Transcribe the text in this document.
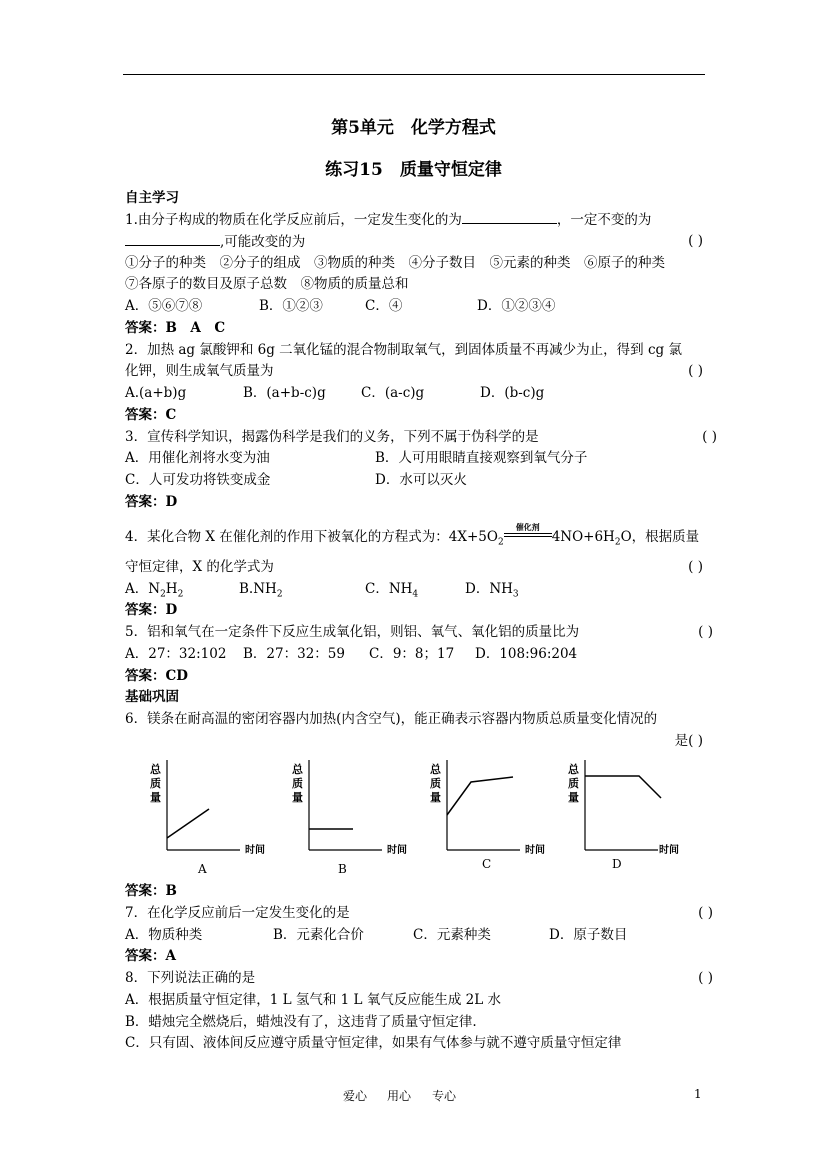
第5单元　化学方程式
练习15　质量守恒定律
自主学习
1.由分子构成的物质在化学反应前后，一定发生变化的为	，一定不变的为
,可能改变的为	( )
①分子的种类　②分子的组成　③物质的种类　④分子数目　⑤元素的种类　⑥原子的种类
⑦各原子的数目及原子总数　⑧物质的质量总和
A．⑤⑥⑦⑧	B．①②③	C．④	D．①②③④
答案：B　A　C
2．加热 ag 氯酸钾和 6g 二氧化锰的混合物制取氧气，到固体质量不再减少为止，得到 cg 氯
化钾，则生成氧气质量为	( )
A.(a+b)g	B．(a+b-c)g	C．(a-c)g	D．(b-c)g
答案：C
3．宣传科学知识，揭露伪科学是我们的义务，下列不属于伪科学的是	( )
A．用催化剂将水变为油	B．人可用眼睛直接观察到氧气分子
C．人可发功将铁变成金	D．水可以灭火
答案：D
4．某化合物 X 在催化剂的作用下被氧化的方程式为：$4X+5O_2$
催化剂
$4NO+6H_2O$，根据质量
守恒定律，X 的化学式为	( )
A．$N_2H_2$	$B.NH_2$	C．$NH_4$	D．$NH_3$
答案：D
5．铝和氧气在一定条件下反应生成氧化铝，则铝、氧气、氧化铝的质量比为	( )
A．27：32:102 B．27：32：59 C．9：8；17 D．108:96:204
答案：CD
基础巩固
6．镁条在耐高温的密闭容器内加热(内含空气)，能正确表示容器内物质总质量变化情况的
是( )
总
质
量
时间
A
总
质
量
时间
B
总
质
量
时间
C
总
质
量
时间
D
答案：B
7．在化学反应前后一定发生变化的是	( )
A．物质种类	B．元素化合价	C．元素种类	D．原子数目
答案：A
8．下列说法正确的是	( )
A．根据质量守恒定律，1 L 氢气和 1 L 氧气反应能生成 2L 水
B．蜡烛完全燃烧后，蜡烛没有了，这违背了质量守恒定律.
C．只有固、液体间反应遵守质量守恒定律，如果有气体参与就不遵守质量守恒定律
爱心 用心 专心	1
